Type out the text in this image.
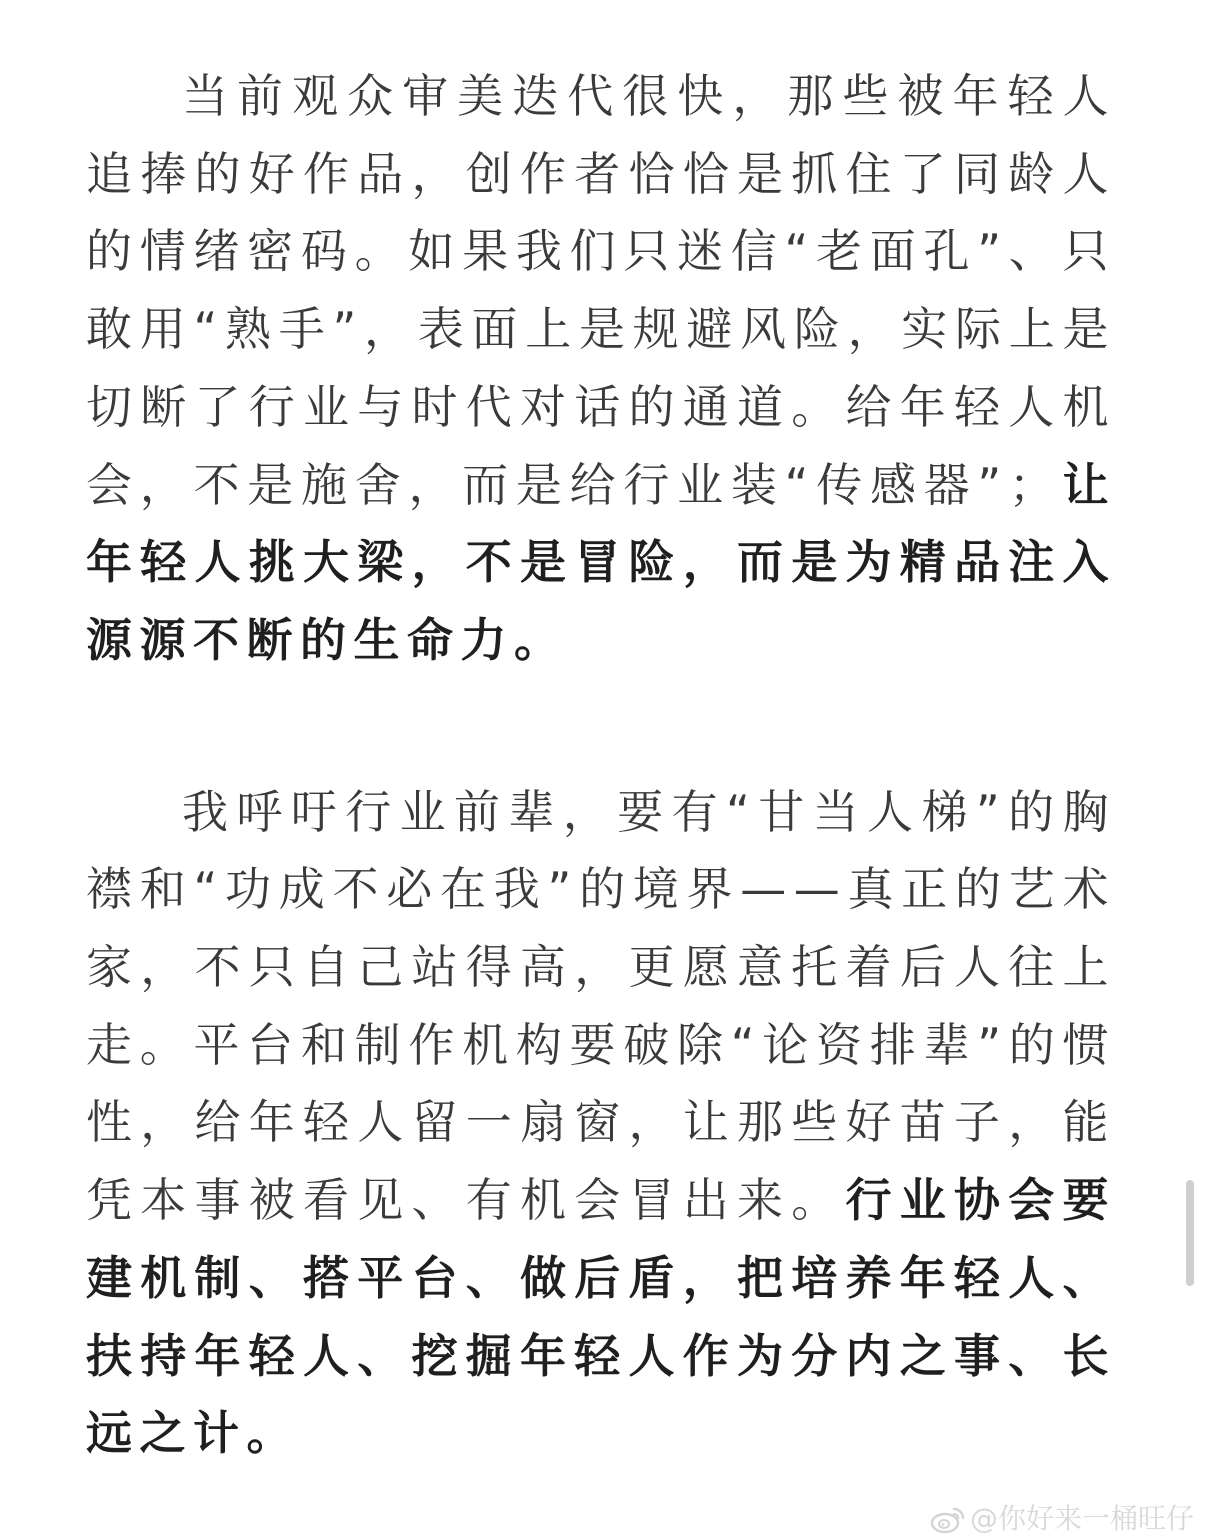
当前观众审美迭代很快，那些被年轻人追捧的好作品，创作者恰恰是抓住了同龄人的情绪密码。如果我们只迷信“老面孔”、只敢用“熟手”，表面上是规避风险，实际上是切断了行业与时代对话的通道。给年轻人机会，不是施舍，而是给行业装“传感器”；让年轻人挑大梁，不是冒险，而是为精品注入源源不断的生命力。

我呼吁行业前辈，要有“甘当人梯”的胸襟和“功成不必在我”的境界——真正的艺术家，不只自己站得高，更愿意托着后人往上走。平台和制作机构要破除“论资排辈”的惯性，给年轻人留一扇窗，让那些好苗子，能凭本事被看见、有机会冒出来。行业协会要建机制、搭平台、做后盾，把培养年轻人、扶持年轻人、挖掘年轻人作为分内之事、长远之计。

@你好来一桶旺仔
